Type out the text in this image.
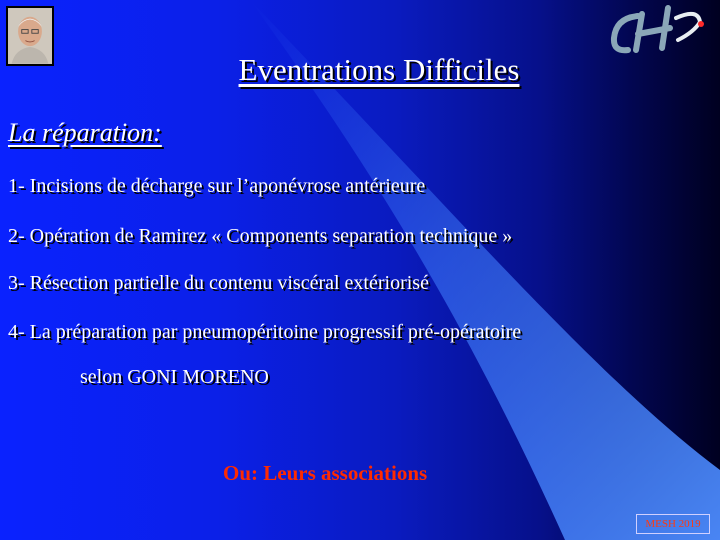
Eventrations Difficiles
La réparation:
1- Incisions de décharge sur l’aponévrose antérieure
2- Opération de Ramirez « Components separation technique »
3- Résection partielle du contenu viscéral extériorisé
4- La préparation par pneumopéritoine progressif pré-opératoire
selon GONI MORENO
Ou: Leurs associations
MESH 2019
